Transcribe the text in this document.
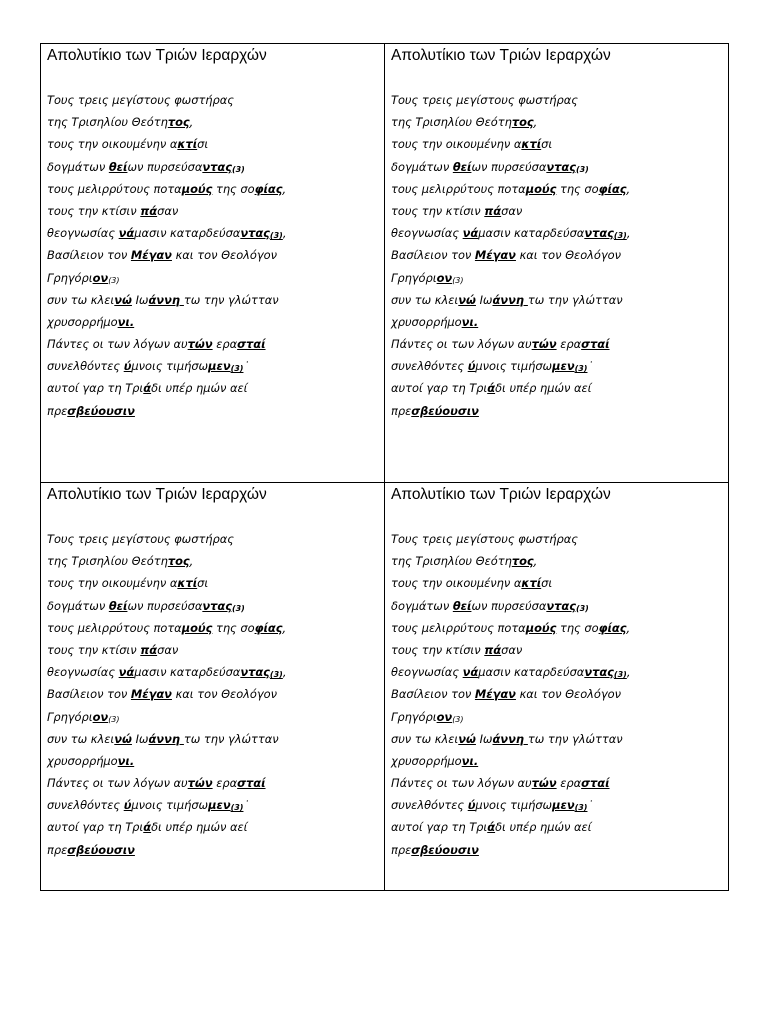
Απολυτίκιο των Τριών Ιεραρχών
Τους τρεις μεγίστους φωστήρας
της Τρισηλίου Θεότητος,
τους την οικουμένην ακτίσι
δογμάτων θείων πυρσεύσαντας(3)
τους μελιρρύτους ποταμούς της σοφίας,
τους την κτίσιν πάσαν
θεογνωσίας νάμασιν καταρδεύσαντας(3),
Βασίλειον τον Μέγαν και τον Θεολόγον
Γρηγόριον(3)
συν τω κλεινώ Ιωάννη τω την γλώτταν
χρυσορρήμονι.
Πάντες οι των λόγων αυτών ερασταί
συνελθόντες ύμνοις τιμήσωμεν(3)˙
αυτοί γαρ τη Τριάδι υπέρ ημών αεί
πρεσβεύουσιν
Απολυτίκιο των Τριών Ιεραρχών
Τους τρεις μεγίστους φωστήρας
της Τρισηλίου Θεότητος,
τους την οικουμένην ακτίσι
δογμάτων θείων πυρσεύσαντας(3)
τους μελιρρύτους ποταμούς της σοφίας,
τους την κτίσιν πάσαν
θεογνωσίας νάμασιν καταρδεύσαντας(3),
Βασίλειον τον Μέγαν και τον Θεολόγον
Γρηγόριον(3)
συν τω κλεινώ Ιωάννη τω την γλώτταν
χρυσορρήμονι.
Πάντες οι των λόγων αυτών ερασταί
συνελθόντες ύμνοις τιμήσωμεν(3)˙
αυτοί γαρ τη Τριάδι υπέρ ημών αεί
πρεσβεύουσιν
Απολυτίκιο των Τριών Ιεραρχών
Τους τρεις μεγίστους φωστήρας
της Τρισηλίου Θεότητος,
τους την οικουμένην ακτίσι
δογμάτων θείων πυρσεύσαντας(3)
τους μελιρρύτους ποταμούς της σοφίας,
τους την κτίσιν πάσαν
θεογνωσίας νάμασιν καταρδεύσαντας(3),
Βασίλειον τον Μέγαν και τον Θεολόγον
Γρηγόριον(3)
συν τω κλεινώ Ιωάννη τω την γλώτταν
χρυσορρήμονι.
Πάντες οι των λόγων αυτών ερασταί
συνελθόντες ύμνοις τιμήσωμεν(3)˙
αυτοί γαρ τη Τριάδι υπέρ ημών αεί
πρεσβεύουσιν
Απολυτίκιο των Τριών Ιεραρχών
Τους τρεις μεγίστους φωστήρας
της Τρισηλίου Θεότητος,
τους την οικουμένην ακτίσι
δογμάτων θείων πυρσεύσαντας(3)
τους μελιρρύτους ποταμούς της σοφίας,
τους την κτίσιν πάσαν
θεογνωσίας νάμασιν καταρδεύσαντας(3),
Βασίλειον τον Μέγαν και τον Θεολόγον
Γρηγόριον(3)
συν τω κλεινώ Ιωάννη τω την γλώτταν
χρυσορρήμονι.
Πάντες οι των λόγων αυτών ερασταί
συνελθόντες ύμνοις τιμήσωμεν(3)˙
αυτοί γαρ τη Τριάδι υπέρ ημών αεί
πρεσβεύουσιν
